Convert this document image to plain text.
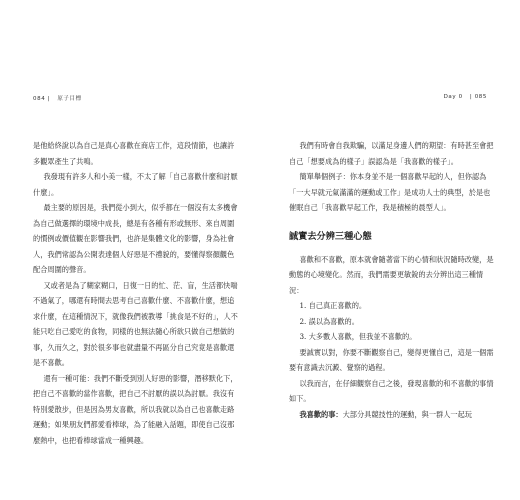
084 | 原子目標	Day 0 | 085

是他給終說以為自己是真心喜歡在商店工作，這段情節，也讓許多觀眾產生了共鳴。

我發現有許多人和小美一樣，不太了解「自己喜歡什麼和討厭什麼」。

最主要的原因是，我們從小到大，似乎都在一個沒有太多機會為自己做選擇的環境中成長，總是有各種有形或無形、來自周圍的慣例或價值觀在影響我們，也許是集體文化的影響，身為社會人，我們常認為公開表達個人好惡是不禮貌的，要懂得察顏觀色配合周圍的聲音。

又或者是為了糊家糊口，日復一日的忙、茫、盲，生活都快喘不過氣了，哪還有時間去思考自己喜歡什麼、不喜歡什麼，想追求什麼，在這種情況下，就像我們被教導「挑食是不好的」，人不能只吃自己愛吃的食物，同樣的也無法隨心所欲只做自己想做的事，久而久之，對於很多事也就盡量不再區分自己究竟是喜歡還是不喜歡。

還有一種可能：我們不斷受到別人好惡的影響，潛移默化下，把自己不喜歡的當作喜歡，把自己不討厭的誤以為討厭。我沒有特別愛散步，但是因為男友喜歡，所以我就以為自己也喜歡走路運動；如果朋友們都愛看棒球，為了能融入話題，即使自己沒那麼熱中，也把看棒球當成一種興趣。

我們有時會自我欺騙，以滿足身邊人們的期望：有時甚至會把自己「想要成為的樣子」誤認為是「我喜歡的樣子」。

簡單舉個例子：你本身並不是一個喜歡早起的人，但你認為「一大早就元氣滿滿的運動或工作」是成功人士的典型，於是也催眠自己「我喜歡早起工作，我是積極的晨型人」。

誠實去分辨三種心態

喜歡和不喜歡，原本就會隨著當下的心情和狀況隨時改變，是動態的心境變化。然而，我們需要更敏銳的去分辨出這三種情況：

1. 自己真正喜歡的。

2. 誤以為喜歡的。

3. 大多數人喜歡，但我並不喜歡的。

要誠實以對，你要不斷觀察自己，變得更懂自己，這是一個需要有意識去沉澱、覺察的過程。

以我而言，在仔細觀察自己之後，發現喜歡的和不喜歡的事情如下。

我喜歡的事：大部分具競技性的運動，與一群人一起玩
